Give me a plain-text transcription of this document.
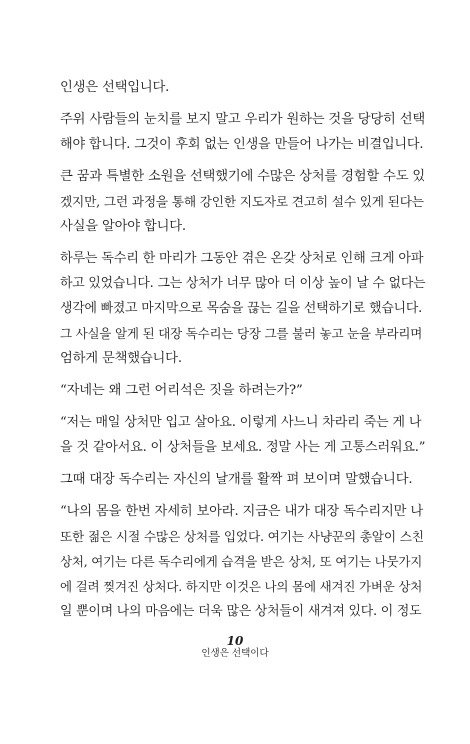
인생은 선택입니다.
주위 사람들의 눈치를 보지 말고 우리가 원하는 것을 당당히 선택
해야 합니다. 그것이 후회 없는 인생을 만들어 나가는 비결입니다.
큰 꿈과 특별한 소원을 선택했기에 수많은 상처를 경험할 수도 있
겠지만, 그런 과정을 통해 강인한 지도자로 견고히 설수 있게 된다는
사실을 알아야 합니다.
하루는 독수리 한 마리가 그동안 겪은 온갖 상처로 인해 크게 아파
하고 있었습니다. 그는 상처가 너무 많아 더 이상 높이 날 수 없다는
생각에 빠졌고 마지막으로 목숨을 끊는 길을 선택하기로 했습니다.
그 사실을 알게 된 대장 독수리는 당장 그를 불러 놓고 눈을 부라리며
엄하게 문책했습니다.
“자네는 왜 그런 어리석은 짓을 하려는가?”
“저는 매일 상처만 입고 살아요. 이렇게 사느니 차라리 죽는 게 나
을 것 같아서요. 이 상처들을 보세요. 정말 사는 게 고통스러워요.”
그때 대장 독수리는 자신의 날개를 활짝 펴 보이며 말했습니다.
“나의 몸을 한번 자세히 보아라. 지금은 내가 대장 독수리지만 나
또한 젊은 시절 수많은 상처를 입었다. 여기는 사냥꾼의 총알이 스친
상처, 여기는 다른 독수리에게 습격을 받은 상처, 또 여기는 나뭇가지
에 걸려 찢겨진 상처다. 하지만 이것은 나의 몸에 새겨진 가벼운 상처
일 뿐이며 나의 마음에는 더욱 많은 상처들이 새겨져 있다. 이 정도
10
인생은 선택이다
